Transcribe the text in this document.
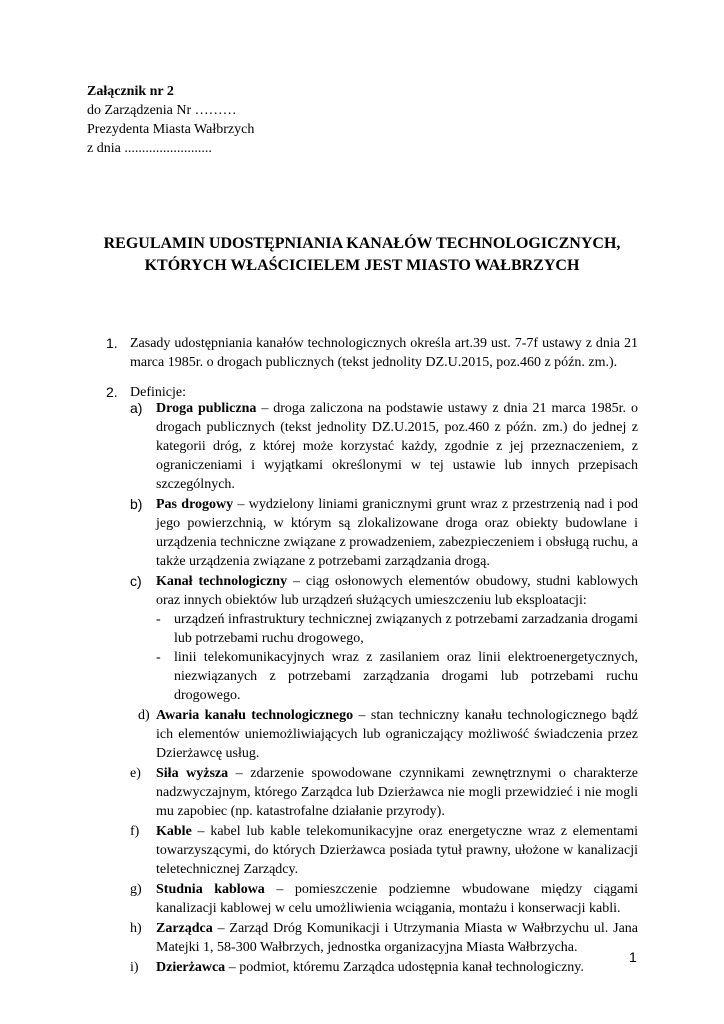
Załącznik nr 2
do Zarządzenia Nr ………
Prezydenta Miasta Wałbrzych
z dnia .........................
REGULAMIN UDOSTĘPNIANIA KANAŁÓW TECHNOLOGICZNYCH,
KTÓRYCH WŁAŚCICIELEM JEST MIASTO WAŁBRZYCH
1. Zasady udostępniania kanałów technologicznych określa art.39 ust. 7-7f ustawy z dnia 21 marca 1985r. o drogach publicznych (tekst jednolity DZ.U.2015, poz.460 z późn. zm.).
2. Definicje:
a) Droga publiczna – droga zaliczona na podstawie ustawy z dnia 21 marca 1985r. o drogach publicznych (tekst jednolity DZ.U.2015, poz.460 z późn. zm.) do jednej z kategorii dróg, z której może korzystać każdy, zgodnie z jej przeznaczeniem, z ograniczeniami i wyjątkami określonymi w tej ustawie lub innych przepisach szczególnych.
b) Pas drogowy – wydzielony liniami granicznymi grunt wraz z przestrzenią nad i pod jego powierzchnią, w którym są zlokalizowane droga oraz obiekty budowlane i urządzenia techniczne związane z prowadzeniem, zabezpieczeniem i obsługą ruchu, a także urządzenia związane z potrzebami zarządzania drogą.
c) Kanał technologiczny – ciąg osłonowych elementów obudowy, studni kablowych oraz innych obiektów lub urządzeń służących umieszczeniu lub eksploatacji:
- urządzeń infrastruktury technicznej związanych z potrzebami zarzadzania drogami lub potrzebami ruchu drogowego,
- linii telekomunikacyjnych wraz z zasilaniem oraz linii elektroenergetycznych, niezwiązanych z potrzebami zarządzania drogami lub potrzebami ruchu drogowego.
d) Awaria kanału technologicznego – stan techniczny kanału technologicznego bądź ich elementów uniemożliwiających lub ograniczający możliwość świadczenia przez Dzierżawcę usług.
e) Siła wyższa – zdarzenie spowodowane czynnikami zewnętrznymi o charakterze nadzwyczajnym, którego Zarządca lub Dzierżawca nie mogli przewidzieć i nie mogli mu zapobiec (np. katastrofalne działanie przyrody).
f) Kable – kabel lub kable telekomunikacyjne oraz energetyczne wraz z elementami towarzyszącymi, do których Dzierżawca posiada tytuł prawny, ułożone w kanalizacji teletechnicznej Zarządcy.
g) Studnia kablowa – pomieszczenie podziemne wbudowane między ciągami kanalizacji kablowej w celu umożliwienia wciągania, montażu i konserwacji kabli.
h) Zarządca – Zarząd Dróg Komunikacji i Utrzymania Miasta w Wałbrzychu ul. Jana Matejki 1, 58-300 Wałbrzych, jednostka organizacyjna Miasta Wałbrzycha.
i) Dzierżawca – podmiot, któremu Zarządca udostępnia kanał technologiczny.
1
